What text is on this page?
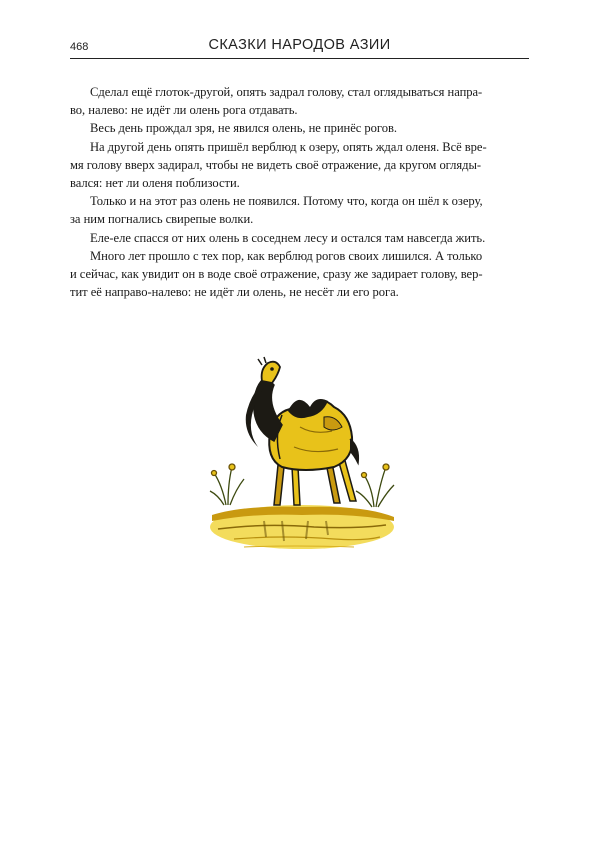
468	СКАЗКИ НАРОДОВ АЗИИ
Сделал ещё глоток-другой, опять задрал голову, стал оглядываться напра-
во, налево: не идёт ли олень рога отдавать.
Весь день прождал зря, не явился олень, не принёс рогов.
На другой день опять пришёл верблюд к озеру, опять ждал оленя. Всё вре-
мя голову вверх задирал, чтобы не видеть своё отражение, да кругом огляды-
вался: нет ли оленя поблизости.
Только и на этот раз олень не появился. Потому что, когда он шёл к озеру,
за ним погнались свирепые волки.
Еле-еле спасся от них олень в соседнем лесу и остался там навсегда жить.
Много лет прошло с тех пор, как верблюд рогов своих лишился. А только
и сейчас, как увидит он в воде своё отражение, сразу же задирает голову, вер-
тит её направо-налево: не идёт ли олень, не несёт ли его рога.
